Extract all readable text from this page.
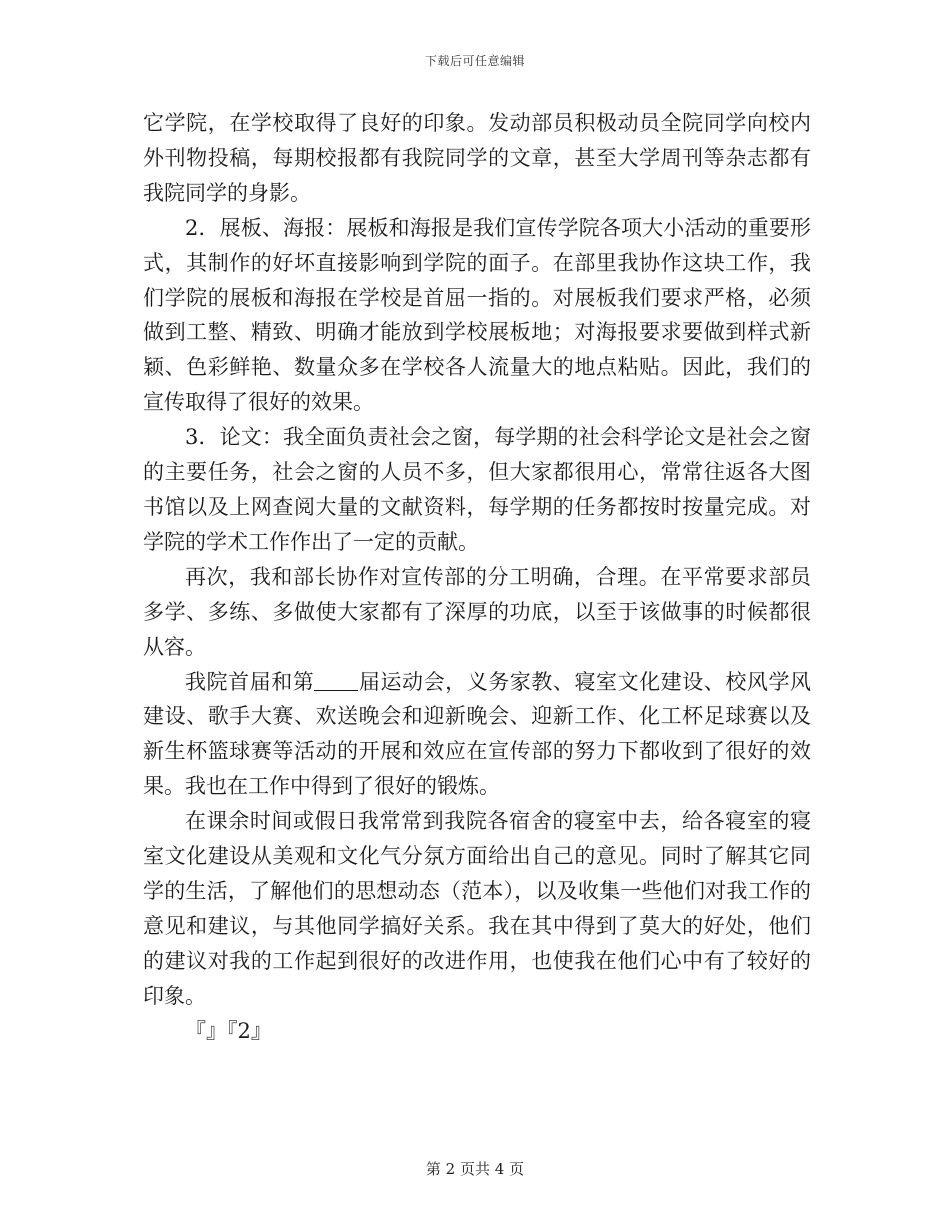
下载后可任意编辑

它学院，在学校取得了良好的印象。发动部员积极动员全院同学向校内外刊物投稿，每期校报都有我院同学的文章，甚至大学周刊等杂志都有我院同学的身影。

2．展板、海报：展板和海报是我们宣传学院各项大小活动的重要形式，其制作的好坏直接影响到学院的面子。在部里我协作这块工作，我们学院的展板和海报在学校是首屈一指的。对展板我们要求严格，必须做到工整、精致、明确才能放到学校展板地；对海报要求要做到样式新颖、色彩鲜艳、数量众多在学校各人流量大的地点粘贴。因此，我们的宣传取得了很好的效果。

3．论文：我全面负责社会之窗，每学期的社会科学论文是社会之窗的主要任务，社会之窗的人员不多，但大家都很用心，常常往返各大图书馆以及上网查阅大量的文献资料，每学期的任务都按时按量完成。对学院的学术工作作出了一定的贡献。

再次，我和部长协作对宣传部的分工明确，合理。在平常要求部员多学、多练、多做使大家都有了深厚的功底，以至于该做事的时候都很从容。

我院首届和第 届运动会，义务家教、寝室文化建设、校风学风建设、歌手大赛、欢送晚会和迎新晚会、迎新工作、化工杯足球赛以及新生杯篮球赛等活动的开展和效应在宣传部的努力下都收到了很好的效果。我也在工作中得到了很好的锻炼。

在课余时间或假日我常常到我院各宿舍的寝室中去，给各寝室的寝室文化建设从美观和文化气分氛方面给出自己的意见。同时了解其它同学的生活，了解他们的思想动态（范本），以及收集一些他们对我工作的意见和建议，与其他同学搞好关系。我在其中得到了莫大的好处，他们的建议对我的工作起到很好的改进作用，也使我在他们心中有了较好的印象。

『』『2』

第 2 页共 4 页
